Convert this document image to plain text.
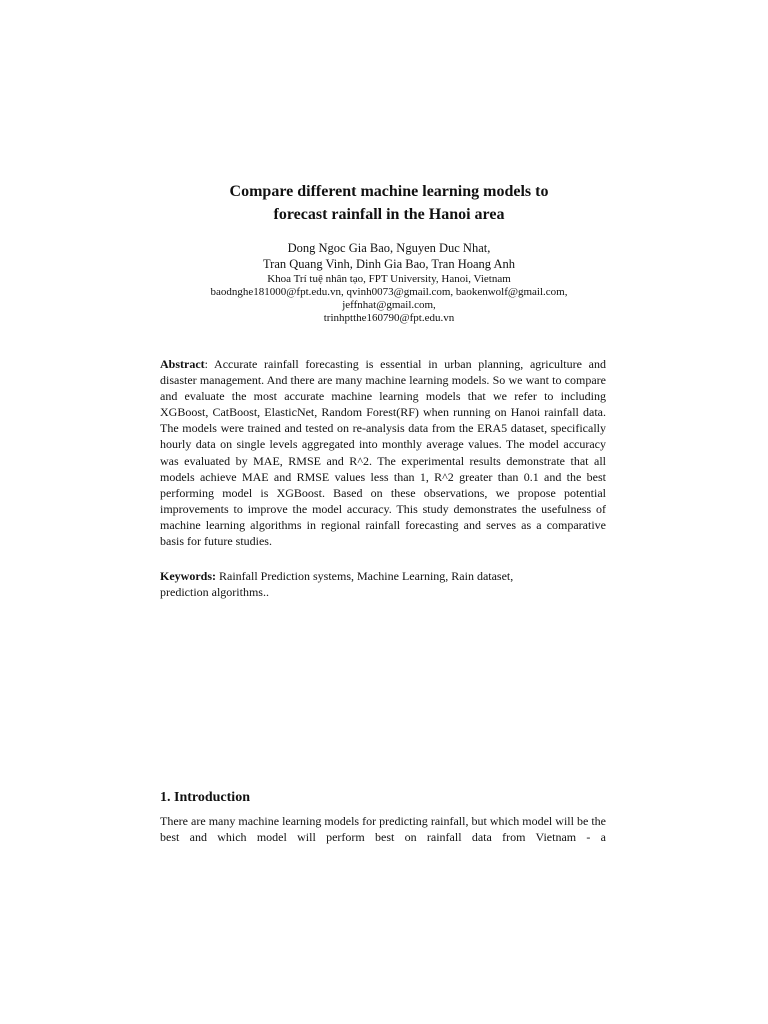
Compare different machine learning models to
forecast rainfall in the Hanoi area
Dong Ngoc Gia Bao, Nguyen Duc Nhat,
Tran Quang Vinh, Dinh Gia Bao, Tran Hoang Anh
Khoa Trí tuệ nhân tạo, FPT University, Hanoi, Vietnam
baodnghe181000@fpt.edu.vn, qvinh0073@gmail.com, baokenwolf@gmail.com,
jeffnhat@gmail.com,
trinhptthe160790@fpt.edu.vn

Abstract: Accurate rainfall forecasting is essential in urban planning, agriculture and disaster management. And there are many machine learning models. So we want to compare and evaluate the most accurate machine learning models that we refer to including XGBoost, CatBoost, ElasticNet, Random Forest(RF) when running on Hanoi rainfall data. The models were trained and tested on re-analysis data from the ERA5 dataset, specifically hourly data on single levels aggregated into monthly average values. The model accuracy was evaluated by MAE, RMSE and R^2. The experimental results demonstrate that all models achieve MAE and RMSE values less than 1, R^2 greater than 0.1 and the best performing model is XGBoost. Based on these observations, we propose potential improvements to improve the model accuracy. This study demonstrates the usefulness of machine learning algorithms in regional rainfall forecasting and serves as a comparative basis for future studies.

Keywords: Rainfall Prediction systems, Machine Learning, Rain dataset,
prediction algorithms..

1. Introduction

There are many machine learning models for predicting rainfall, but which model will be the best and which model will perform best on rainfall data from Vietnam - a
